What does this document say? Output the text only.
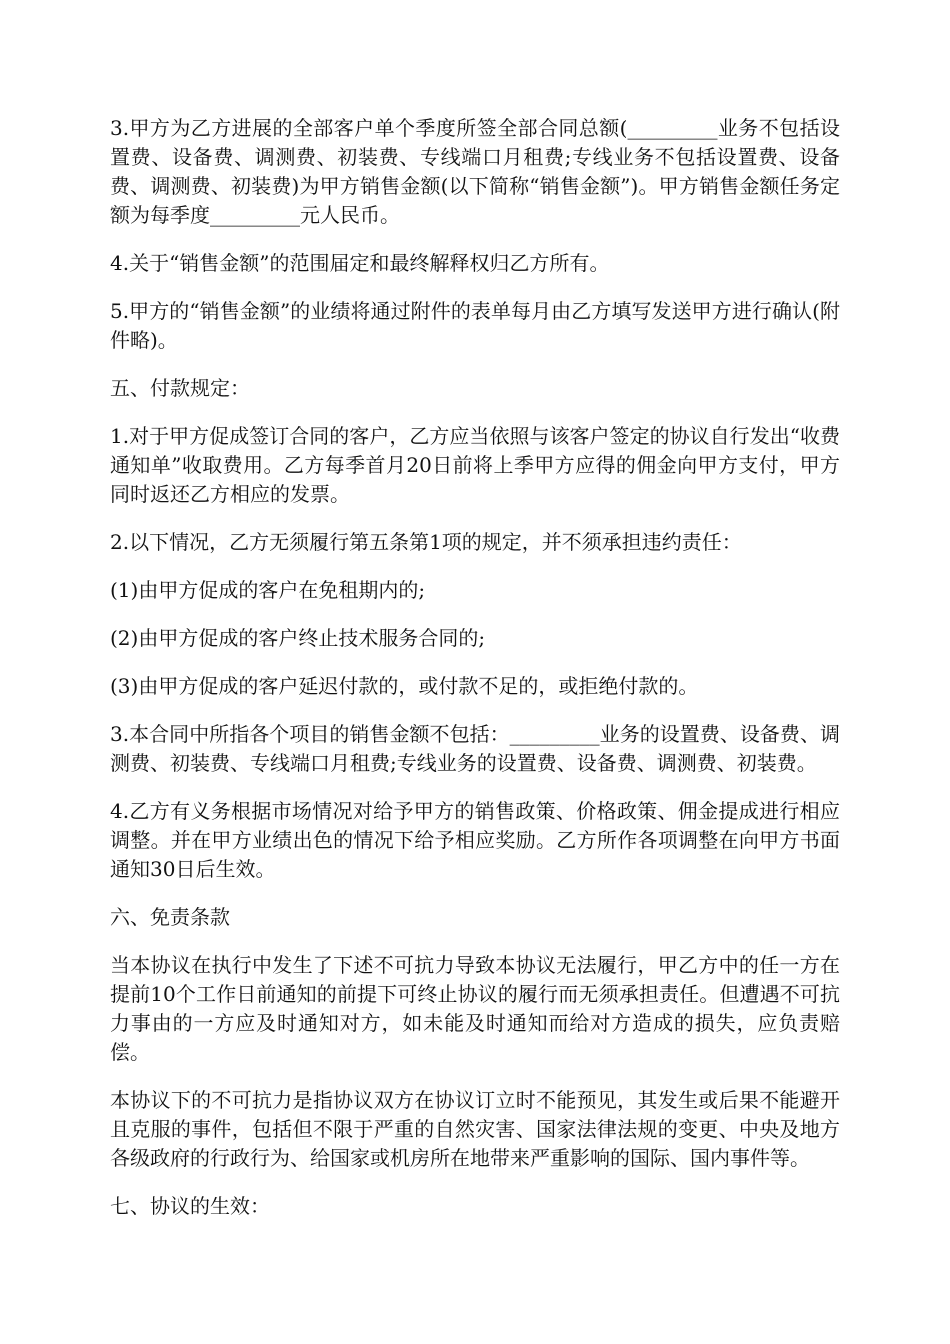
3.甲方为乙方进展的全部客户单个季度所签全部合同总额(_________业务不包括设置费、设备费、调测费、初装费、专线端口月租费;专线业务不包括设置费、设备费、调测费、初装费)为甲方销售金额(以下简称“销售金额”)。甲方销售金额任务定额为每季度_________元人民币。

4.关于“销售金额”的范围届定和最终解释权归乙方所有。

5.甲方的“销售金额”的业绩将通过附件的表单每月由乙方填写发送甲方进行确认(附件略)。

五、付款规定：

1.对于甲方促成签订合同的客户，乙方应当依照与该客户签定的协议自行发出“收费通知单”收取费用。乙方每季首月20日前将上季甲方应得的佣金向甲方支付，甲方同时返还乙方相应的发票。

2.以下情况，乙方无须履行第五条第1项的规定，并不须承担违约责任：

(1)由甲方促成的客户在免租期内的;

(2)由甲方促成的客户终止技术服务合同的;

(3)由甲方促成的客户延迟付款的，或付款不足的，或拒绝付款的。

3.本合同中所指各个项目的销售金额不包括：_________业务的设置费、设备费、调测费、初装费、专线端口月租费;专线业务的设置费、设备费、调测费、初装费。

4.乙方有义务根据市场情况对给予甲方的销售政策、价格政策、佣金提成进行相应调整。并在甲方业绩出色的情况下给予相应奖励。乙方所作各项调整在向甲方书面通知30日后生效。

六、免责条款

当本协议在执行中发生了下述不可抗力导致本协议无法履行，甲乙方中的任一方在提前10个工作日前通知的前提下可终止协议的履行而无须承担责任。但遭遇不可抗力事由的一方应及时通知对方，如未能及时通知而给对方造成的损失，应负责赔偿。

本协议下的不可抗力是指协议双方在协议订立时不能预见，其发生或后果不能避开且克服的事件，包括但不限于严重的自然灾害、国家法律法规的变更、中央及地方各级政府的行政行为、给国家或机房所在地带来严重影响的国际、国内事件等。

七、协议的生效：
